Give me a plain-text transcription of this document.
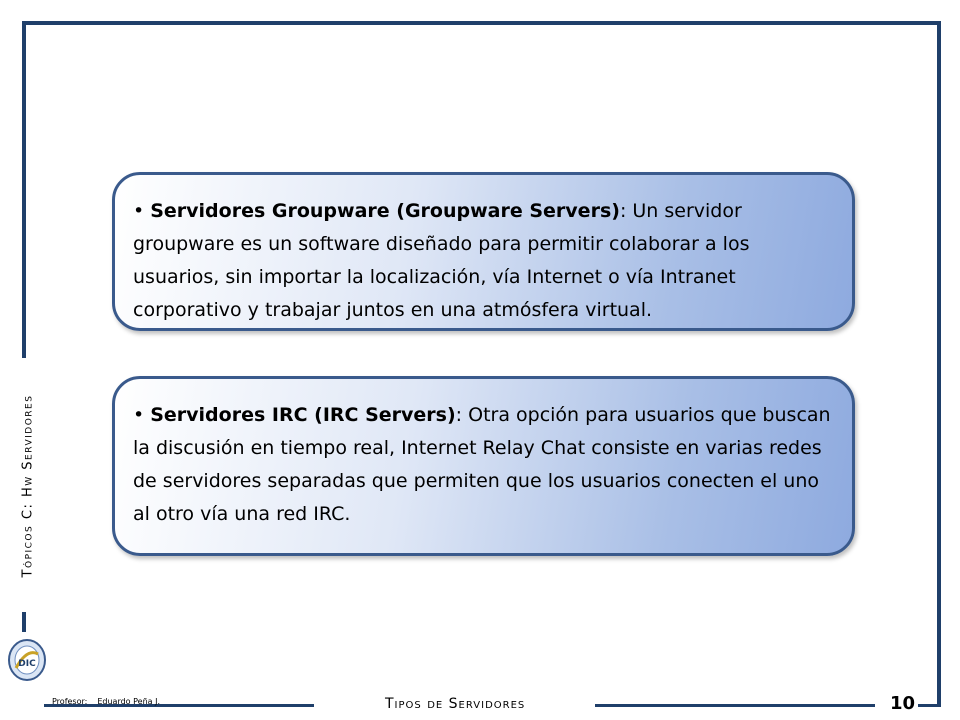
• Servidores Groupware (Groupware Servers): Un servidor groupware es un software diseñado para permitir colaborar a los usuarios, sin importar la localización, vía Internet o vía Intranet corporativo y trabajar juntos en una atmósfera virtual.
• Servidores IRC (IRC Servers): Otra opción para usuarios que buscan la discusión en tiempo real, Internet Relay Chat consiste en varias redes de servidores separadas que permiten que los usuarios conecten el uno al otro vía una red IRC.
Tópicos C: Hw Servidores
DIC
Profesor: Eduardo Peña J.	Tipos de Servidores	10
